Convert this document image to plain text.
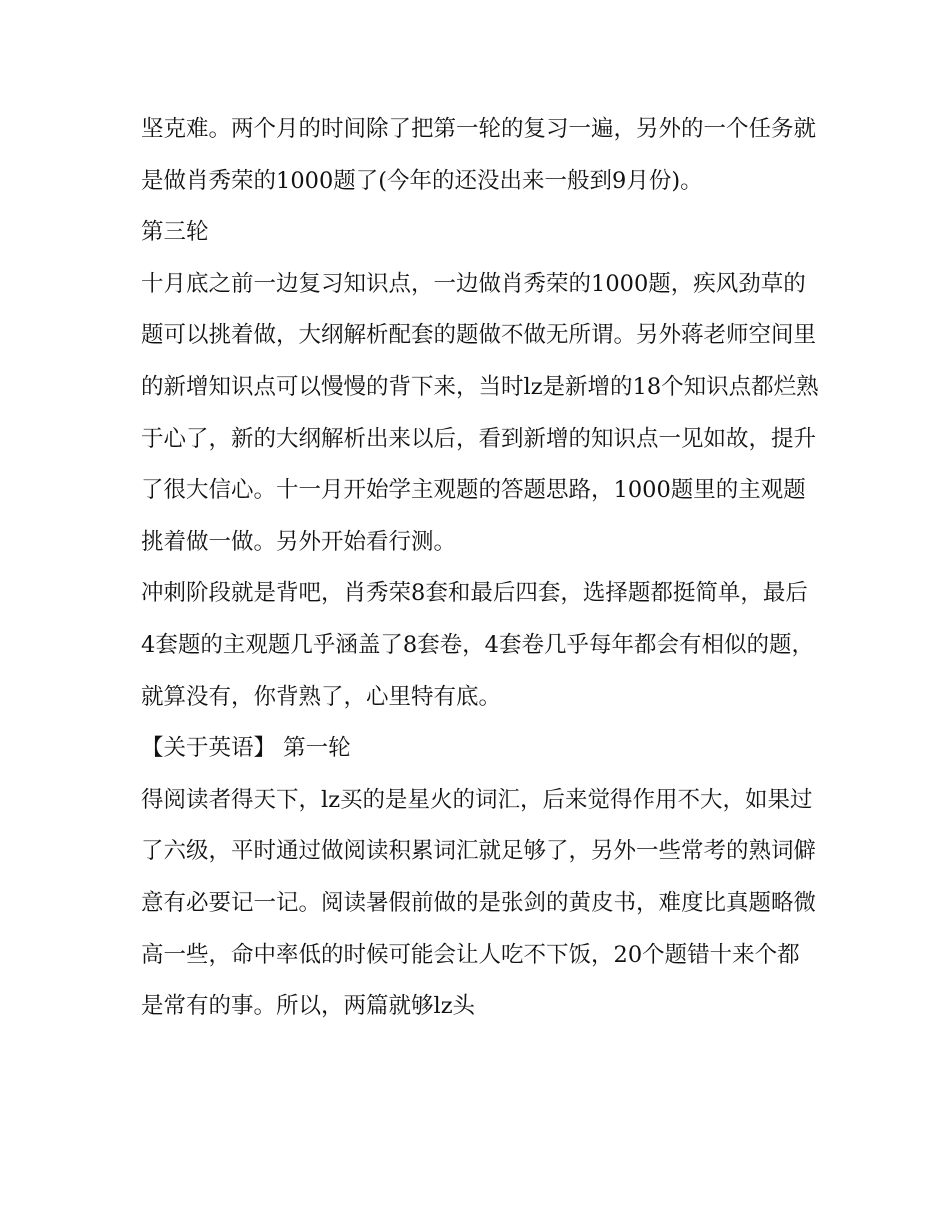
坚克难。两个月的时间除了把第一轮的复习一遍，另外的一个任务就是做肖秀荣的1000题了(今年的还没出来一般到9月份)。

第三轮

十月底之前一边复习知识点，一边做肖秀荣的1000题，疾风劲草的题可以挑着做，大纲解析配套的题做不做无所谓。另外蒋老师空间里的新增知识点可以慢慢的背下来，当时lz是新增的18个知识点都烂熟于心了，新的大纲解析出来以后，看到新增的知识点一见如故，提升了很大信心。十一月开始学主观题的答题思路，1000题里的主观题挑着做一做。另外开始看行测。

冲刺阶段就是背吧，肖秀荣8套和最后四套，选择题都挺简单，最后4套题的主观题几乎涵盖了8套卷，4套卷几乎每年都会有相似的题，就算没有，你背熟了，心里特有底。

【关于英语】 第一轮

得阅读者得天下，lz买的是星火的词汇，后来觉得作用不大，如果过了六级，平时通过做阅读积累词汇就足够了，另外一些常考的熟词僻意有必要记一记。阅读暑假前做的是张剑的黄皮书，难度比真题略微高一些，命中率低的时候可能会让人吃不下饭，20个题错十来个都是常有的事。所以，两篇就够lz头
